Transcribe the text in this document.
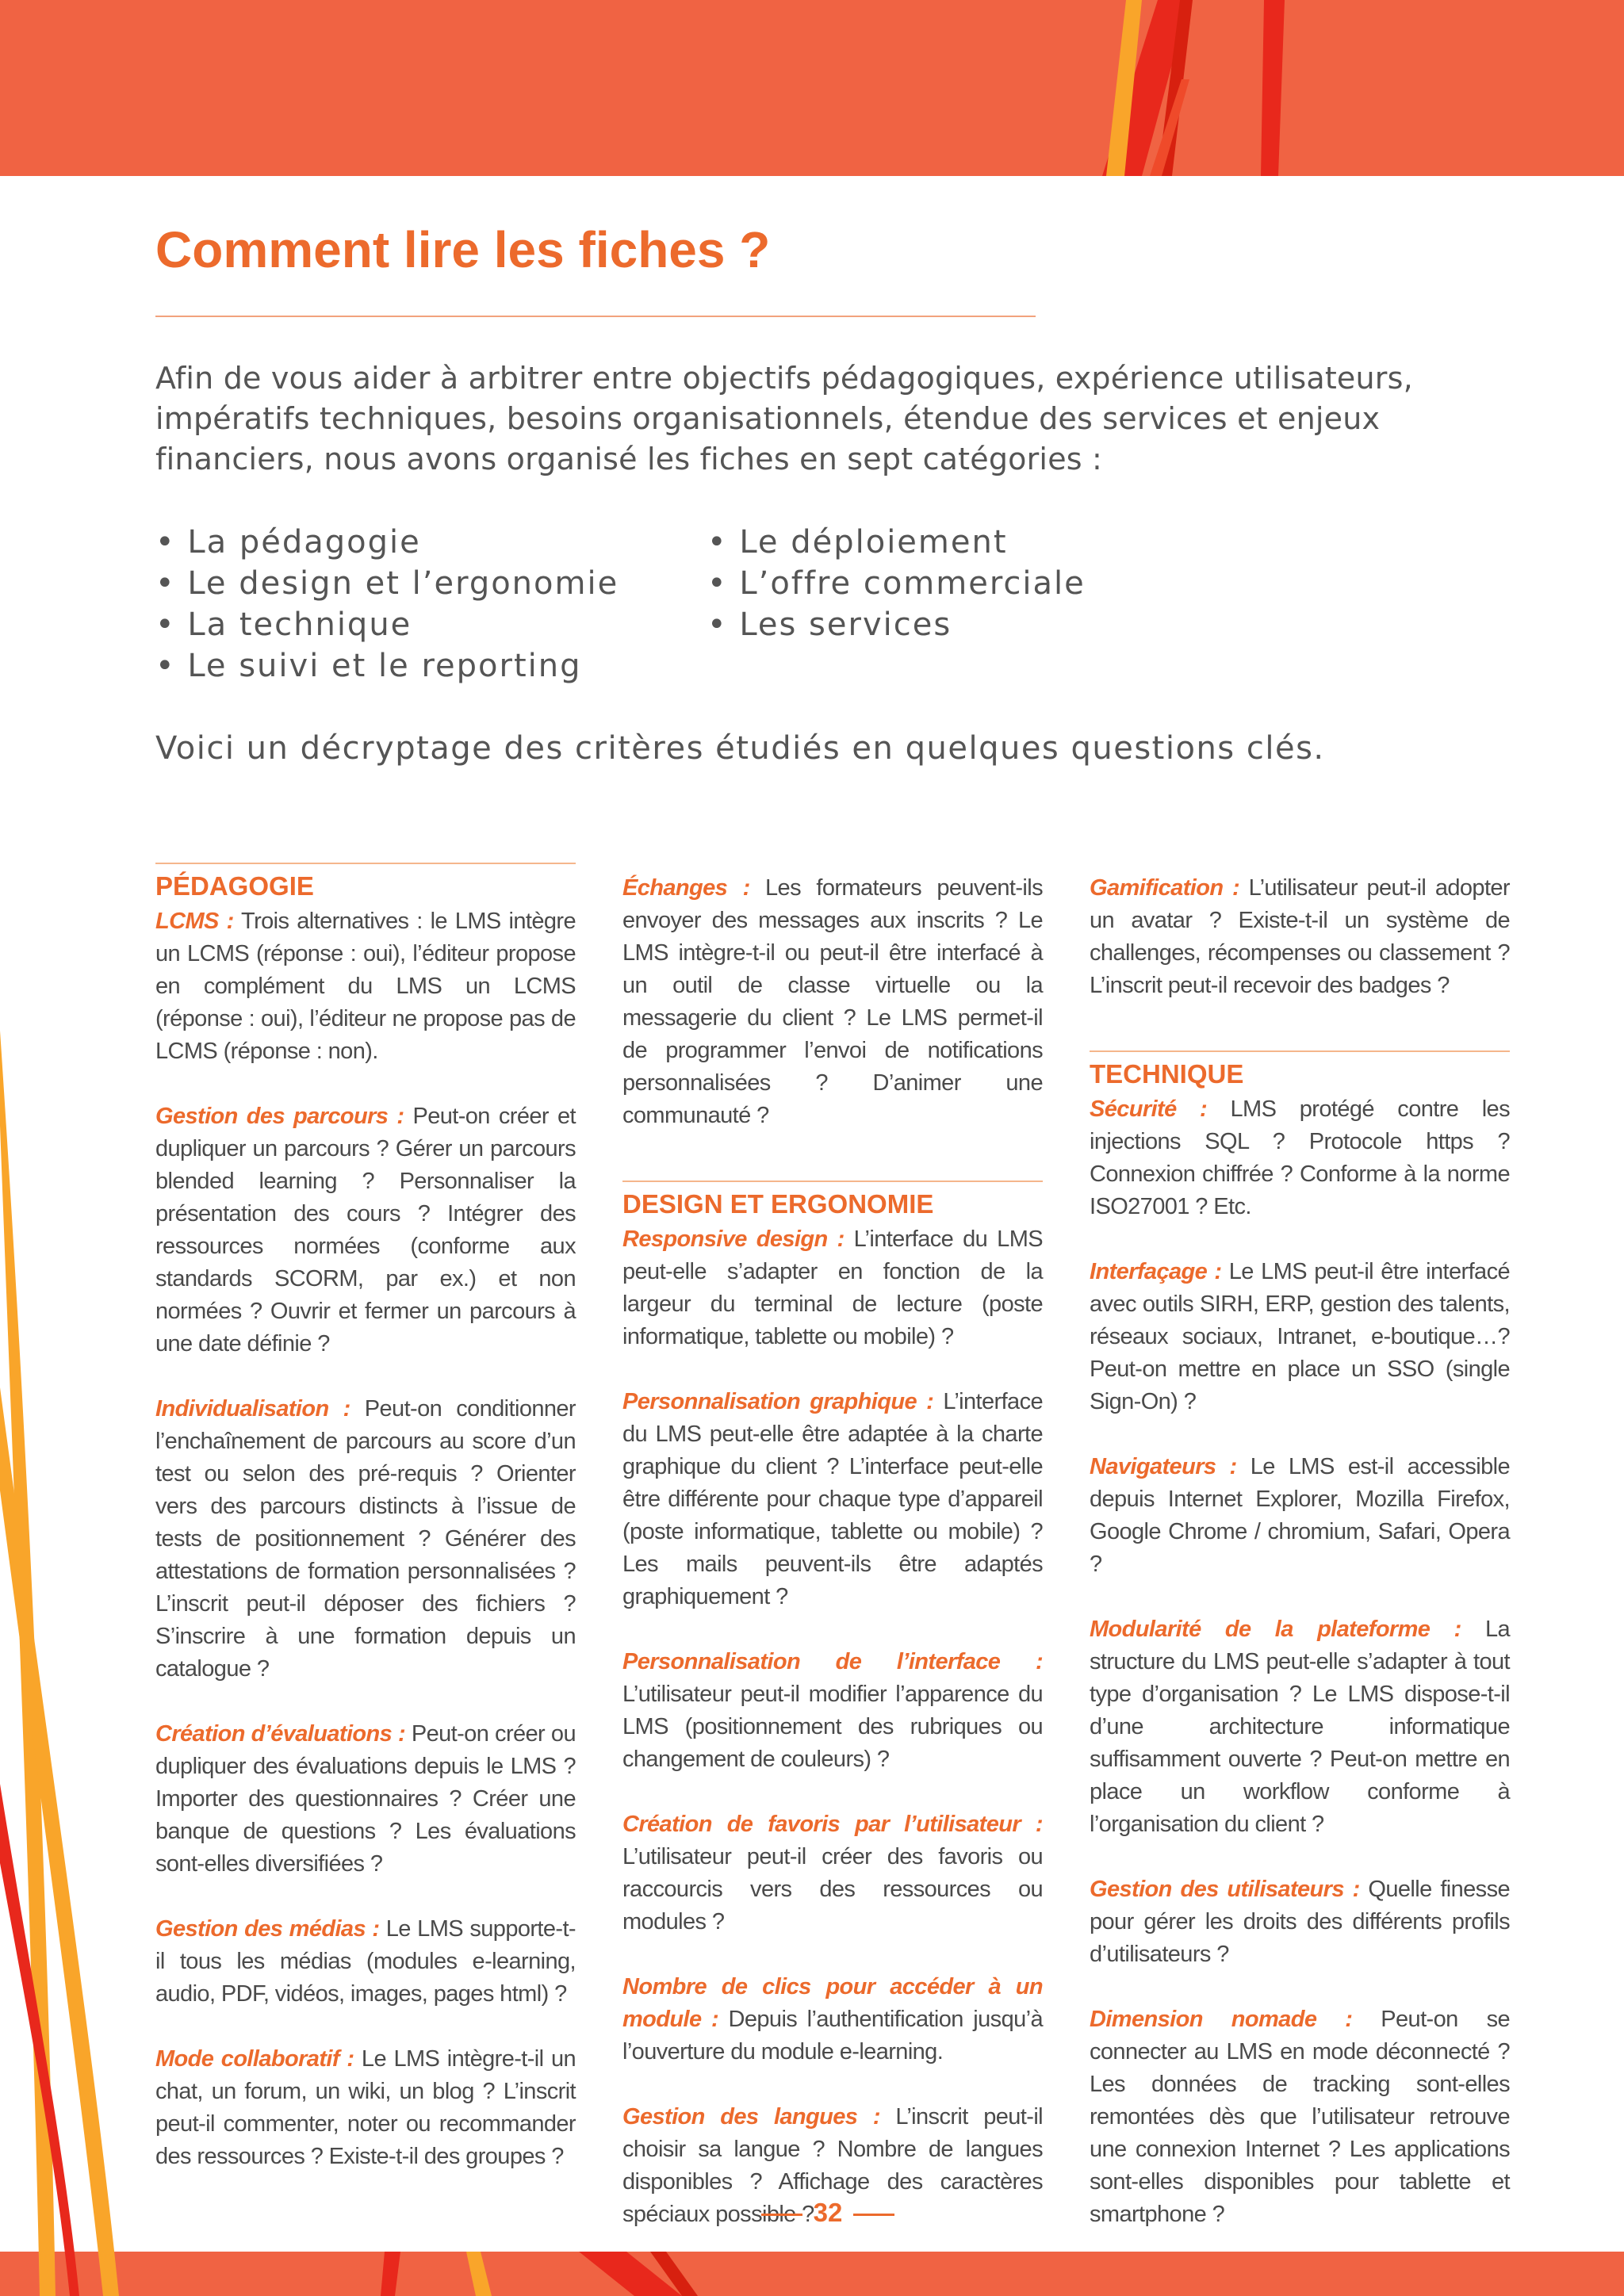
Comment lire les fiches ?

Afin de vous aider à arbitrer entre objectifs pédagogiques, expérience utilisateurs, impératifs techniques, besoins organisationnels, étendue des services et enjeux financiers, nous avons organisé les fiches en sept catégories :

• La pédagogie
• Le design et l’ergonomie
• La technique
• Le suivi et le reporting
• Le déploiement
• L’offre commerciale
• Les services

Voici un décryptage des critères étudiés en quelques questions clés.

PÉDAGOGIE

LCMS : Trois alternatives : le LMS intègre un LCMS (réponse : oui), l’éditeur propose en complément du LMS un LCMS (réponse : oui), l’éditeur ne propose pas de LCMS (réponse : non).

Gestion des parcours : Peut-on créer et dupliquer un parcours ? Gérer un parcours blended learning ? Personnaliser la présentation des cours ? Intégrer des ressources normées (conforme aux standards SCORM, par ex.) et non normées ? Ouvrir et fermer un parcours à une date définie ?

Individualisation : Peut-on conditionner l’enchaînement de parcours au score d’un test ou selon des pré-requis ? Orienter vers des parcours distincts à l’issue de tests de positionnement ? Générer des attestations de formation personnalisées ? L’inscrit peut-il déposer des fichiers ? S’inscrire à une formation depuis un catalogue ?

Création d’évaluations : Peut-on créer ou dupliquer des évaluations depuis le LMS ? Importer des questionnaires ? Créer une banque de questions ? Les évaluations sont-elles diversifiées ?

Gestion des médias : Le LMS supporte-t-il tous les médias (modules e-learning, audio, PDF, vidéos, images, pages html) ?

Mode collaboratif : Le LMS intègre-t-il un chat, un forum, un wiki, un blog ? L’inscrit peut-il commenter, noter ou recommander des ressources ? Existe-t-il des groupes ?

Échanges : Les formateurs peuvent-ils envoyer des messages aux inscrits ? Le LMS intègre-t-il ou peut-il être interfacé à un outil de classe virtuelle ou la messagerie du client ? Le LMS permet-il de programmer l’envoi de notifications personnalisées ? D’animer une communauté ?

DESIGN ET ERGONOMIE

Responsive design : L’interface du LMS peut-elle s’adapter en fonction de la largeur du terminal de lecture (poste informatique, tablette ou mobile) ?

Personnalisation graphique : L’interface du LMS peut-elle être adaptée à la charte graphique du client ? L’interface peut-elle être différente pour chaque type d’appareil (poste informatique, tablette ou mobile) ? Les mails peuvent-ils être adaptés graphiquement ?

Personnalisation de l’interface : L’utilisateur peut-il modifier l’apparence du LMS (positionnement des rubriques ou changement de couleurs) ?

Création de favoris par l’utilisateur : L’utilisateur peut-il créer des favoris ou raccourcis vers des ressources ou modules ?

Nombre de clics pour accéder à un module : Depuis l’authentification jusqu’à l’ouverture du module e-learning.

Gestion des langues : L’inscrit peut-il choisir sa langue ? Nombre de langues disponibles ? Affichage des caractères spéciaux possible ?

Gamification : L’utilisateur peut-il adopter un avatar ? Existe-t-il un système de challenges, récompenses ou classement ? L’inscrit peut-il recevoir des badges ?

TECHNIQUE

Sécurité : LMS protégé contre les injections SQL ? Protocole https ? Connexion chiffrée ? Conforme à la norme ISO27001 ? Etc.

Interfaçage : Le LMS peut-il être interfacé avec outils SIRH, ERP, gestion des talents, réseaux sociaux, Intranet, e-boutique…? Peut-on mettre en place un SSO (single Sign-On) ?

Navigateurs : Le LMS est-il accessible depuis Internet Explorer, Mozilla Firefox, Google Chrome / chromium, Safari, Opera ?

Modularité de la plateforme : La structure du LMS peut-elle s’adapter à tout type d’organisation ? Le LMS dispose-t-il d’une architecture informatique suffisamment ouverte ? Peut-on mettre en place un workflow conforme à l’organisation du client ?

Gestion des utilisateurs : Quelle finesse pour gérer les droits des différents profils d’utilisateurs ?

Dimension nomade : Peut-on se connecter au LMS en mode déconnecté ? Les données de tracking sont-elles remontées dès que l’utilisateur retrouve une connexion Internet ? Les applications sont-elles disponibles pour tablette et smartphone ?

32
